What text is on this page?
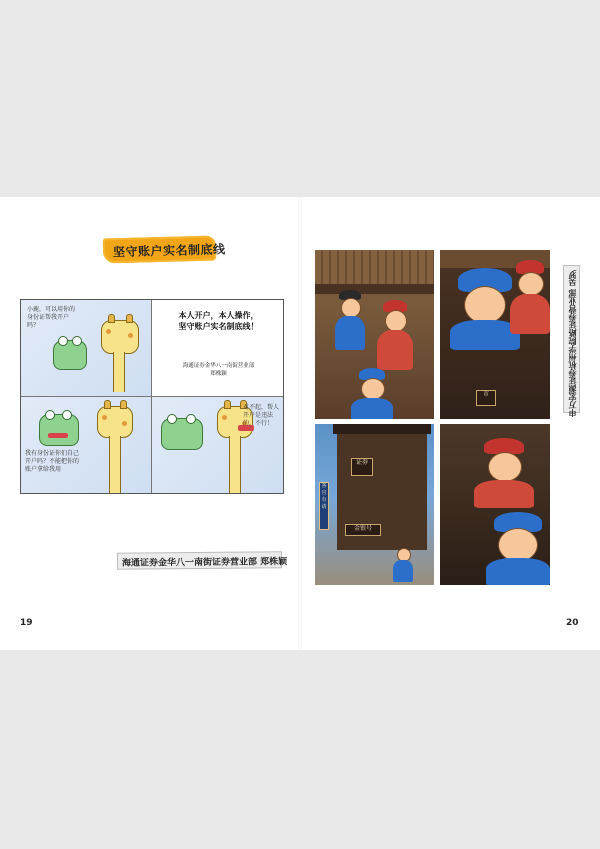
坚守账户实名制底线
小鹿，可以用你的身份证帮我开户吗？
本人开户，本人操作，
坚守账户实名制底线！
海通证券金华八一南街营业部
郑株颖
我有身份证你们自己开户吗？不能把你的账户拿给我用
对不起，帮人开户是违法的，不行！
海通证券金华八一南街证券营业部 郑株颖
19
市
证券
客官有请
金银号
申万宏源证券杭州学院路证券营业部 吴罗
20
